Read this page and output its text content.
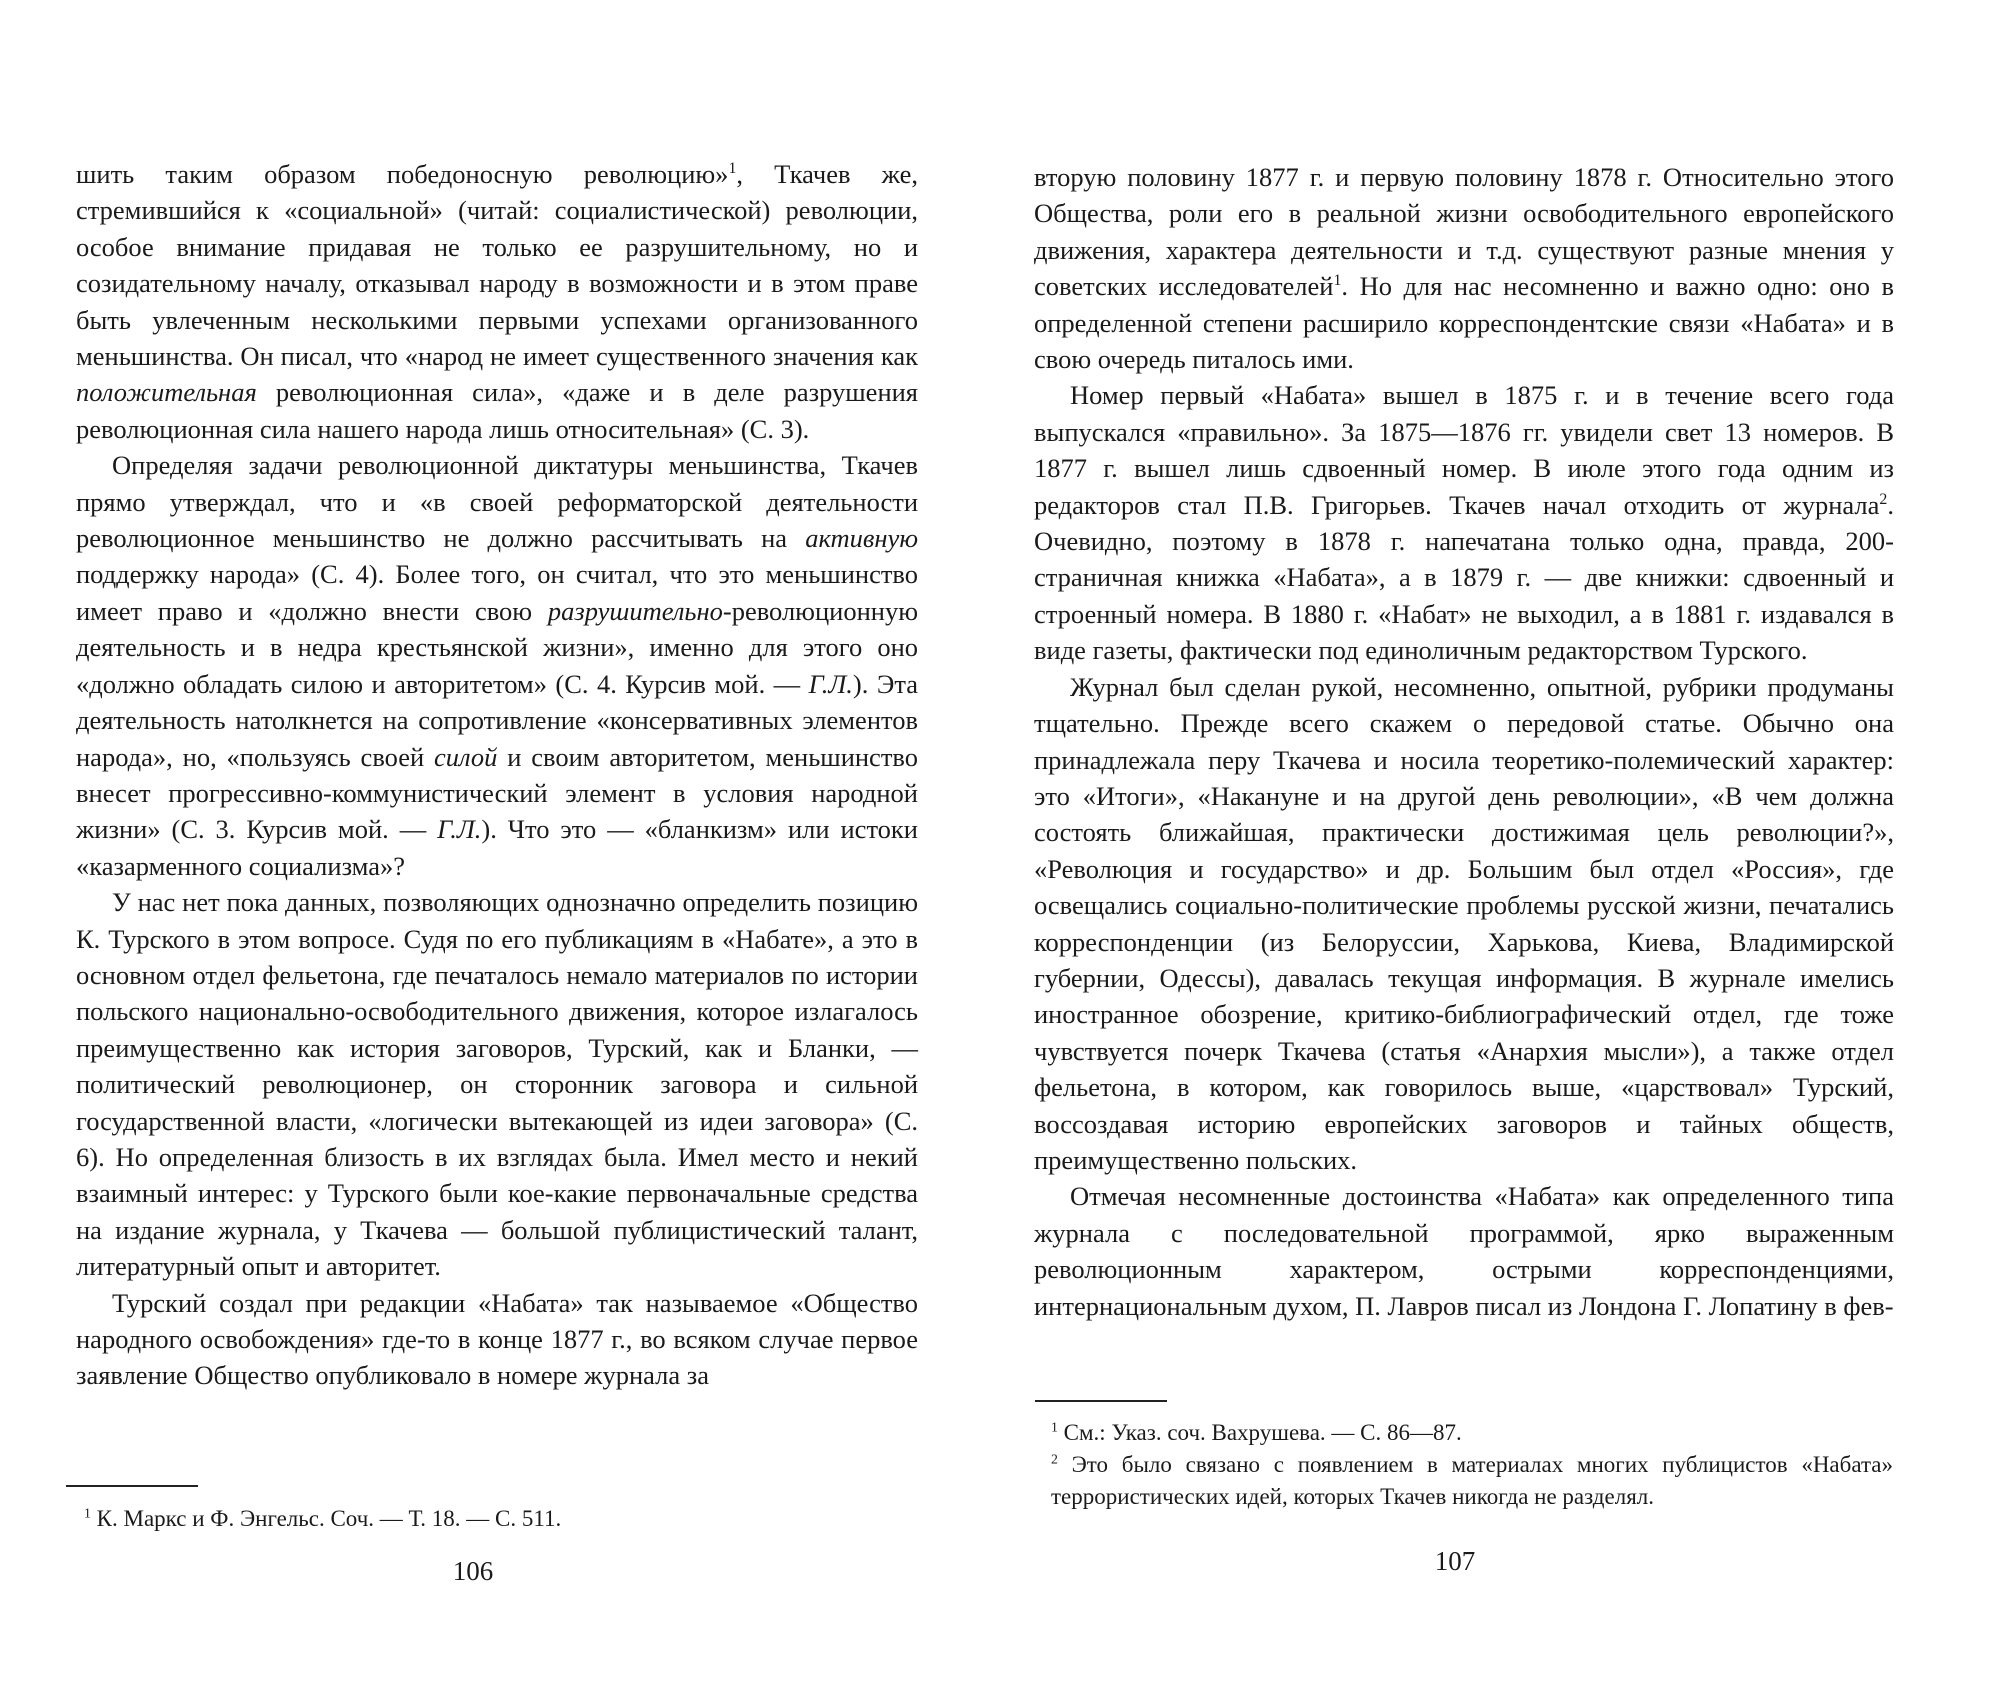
шить таким образом победоносную революцию»$^1$, Ткачев же, стремившийся к «социальной» (читай: социалистической) революции, особое внимание придавая не только ее разрушительному, но и созидательному началу, отказывал народу в возможности и в этом праве быть увлеченным несколькими первыми успехами организованного меньшинства. Он писал, что «народ не имеет существенного значения как положительная революционная сила», «даже и в деле разрушения революционная сила нашего народа лишь относительная» (С. 3).

Определяя задачи революционной диктатуры меньшинства, Ткачев прямо утверждал, что и «в своей реформаторской деятельности революционное меньшинство не должно рассчитывать на активную поддержку народа» (С. 4). Более того, он считал, что это меньшинство имеет право и «должно внести свою разрушительно-революционную деятельность и в недра крестьянской жизни», именно для этого оно «должно обладать силою и авторитетом» (С. 4. Курсив мой. — Г.Л.). Эта деятельность натолкнется на сопротивление «консервативных элементов народа», но, «пользуясь своей силой и своим авторитетом, меньшинство внесет прогрессивно-коммунистический элемент в условия народной жизни» (С. 3. Курсив мой. — Г.Л.). Что это — «бланкизм» или истоки «казарменного социализма»?

У нас нет пока данных, позволяющих однозначно определить позицию К. Турского в этом вопросе. Судя по его публикациям в «Набате», а это в основном отдел фельетона, где печаталось немало материалов по истории польского национально-освободительного движения, которое излагалось преимущественно как история заговоров, Турский, как и Бланки, — политический революционер, он сторонник заговора и сильной государственной власти, «логически вытекающей из идеи заговора» (С. 6). Но определенная близость в их взглядах была. Имел место и некий взаимный интерес: у Турского были кое-какие первоначальные средства на издание журнала, у Ткачева — большой публицистический талант, литературный опыт и авторитет.

Турский создал при редакции «Набата» так называемое «Общество народного освобождения» где-то в конце 1877 г., во всяком случае первое заявление Общество опубликовало в номере журнала за

$^1$ К. Маркс и Ф. Энгельс. Соч. — Т. 18. — С. 511.

106

вторую половину 1877 г. и первую половину 1878 г. Относительно этого Общества, роли его в реальной жизни освободительного европейского движения, характера деятельности и т.д. существуют разные мнения у советских исследователей$^1$. Но для нас несомненно и важно одно: оно в определенной степени расширило корреспондентские связи «Набата» и в свою очередь питалось ими.

Номер первый «Набата» вышел в 1875 г. и в течение всего года выпускался «правильно». За 1875—1876 гг. увидели свет 13 номеров. В 1877 г. вышел лишь сдвоенный номер. В июле этого года одним из редакторов стал П.В. Григорьев. Ткачев начал отходить от журнала$^2$. Очевидно, поэтому в 1878 г. напечатана только одна, правда, 200-страничная книжка «Набата», а в 1879 г. — две книжки: сдвоенный и строенный номера. В 1880 г. «Набат» не выходил, а в 1881 г. издавался в виде газеты, фактически под единоличным редакторством Турского.

Журнал был сделан рукой, несомненно, опытной, рубрики продуманы тщательно. Прежде всего скажем о передовой статье. Обычно она принадлежала перу Ткачева и носила теоретико-полемический характер: это «Итоги», «Накануне и на другой день революции», «В чем должна состоять ближайшая, практически достижимая цель революции?», «Революция и государство» и др. Большим был отдел «Россия», где освещались социально-политические проблемы русской жизни, печатались корреспонденции (из Белоруссии, Харькова, Киева, Владимирской губернии, Одессы), давалась текущая информация. В журнале имелись иностранное обозрение, критико-библиографический отдел, где тоже чувствуется почерк Ткачева (статья «Анархия мысли»), а также отдел фельетона, в котором, как говорилось выше, «царствовал» Турский, воссоздавая историю европейских заговоров и тайных обществ, преимущественно польских.

Отмечая несомненные достоинства «Набата» как определенного типа журнала с последовательной программой, ярко выраженным революционным характером, острыми корреспонденциями, интернациональным духом, П. Лавров писал из Лондона Г. Лопатину в фев-

$^1$ См.: Указ. соч. Вахрушева. — С. 86—87.

$^2$ Это было связано с появлением в материалах многих публицистов «Набата» террористических идей, которых Ткачев никогда не разделял.

107
